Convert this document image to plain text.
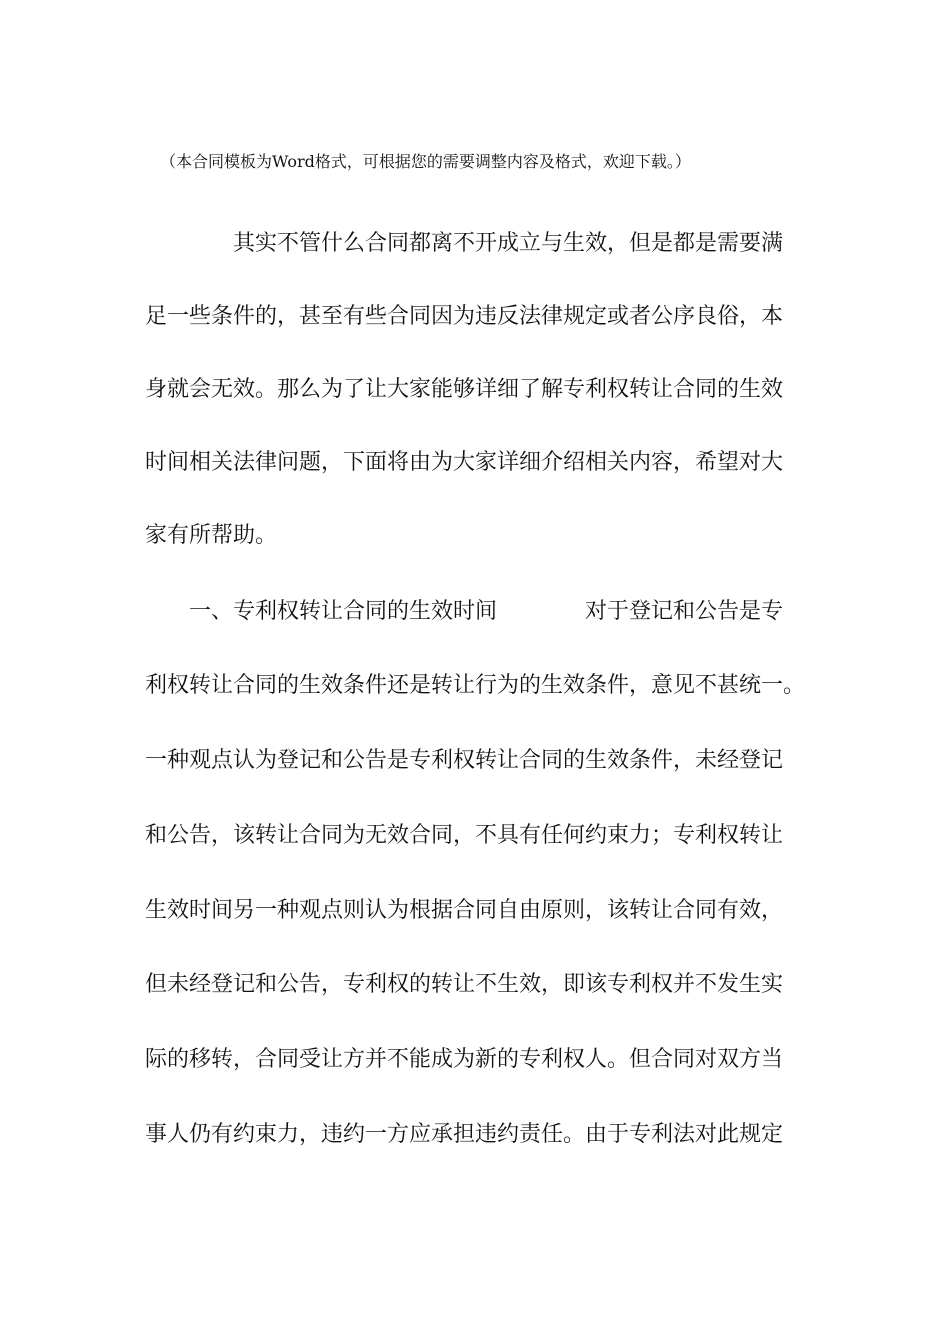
（本合同模板为Word格式，可根据您的需要调整内容及格式，欢迎下载。）
　　　　其实不管什么合同都离不开成立与生效，但是都是需要满
足一些条件的，甚至有些合同因为违反法律规定或者公序良俗，本
身就会无效。那么为了让大家能够详细了解专利权转让合同的生效
时间相关法律问题，下面将由为大家详细介绍相关内容，希望对大
家有所帮助。
　　一、专利权转让合同的生效时间　　　　对于登记和公告是专
利权转让合同的生效条件还是转让行为的生效条件，意见不甚统一。
一种观点认为登记和公告是专利权转让合同的生效条件，未经登记
和公告，该转让合同为无效合同，不具有任何约束力；专利权转让
生效时间另一种观点则认为根据合同自由原则，该转让合同有效，
但未经登记和公告，专利权的转让不生效，即该专利权并不发生实
际的移转，合同受让方并不能成为新的专利权人。但合同对双方当
事人仍有约束力，违约一方应承担违约责任。由于专利法对此规定
